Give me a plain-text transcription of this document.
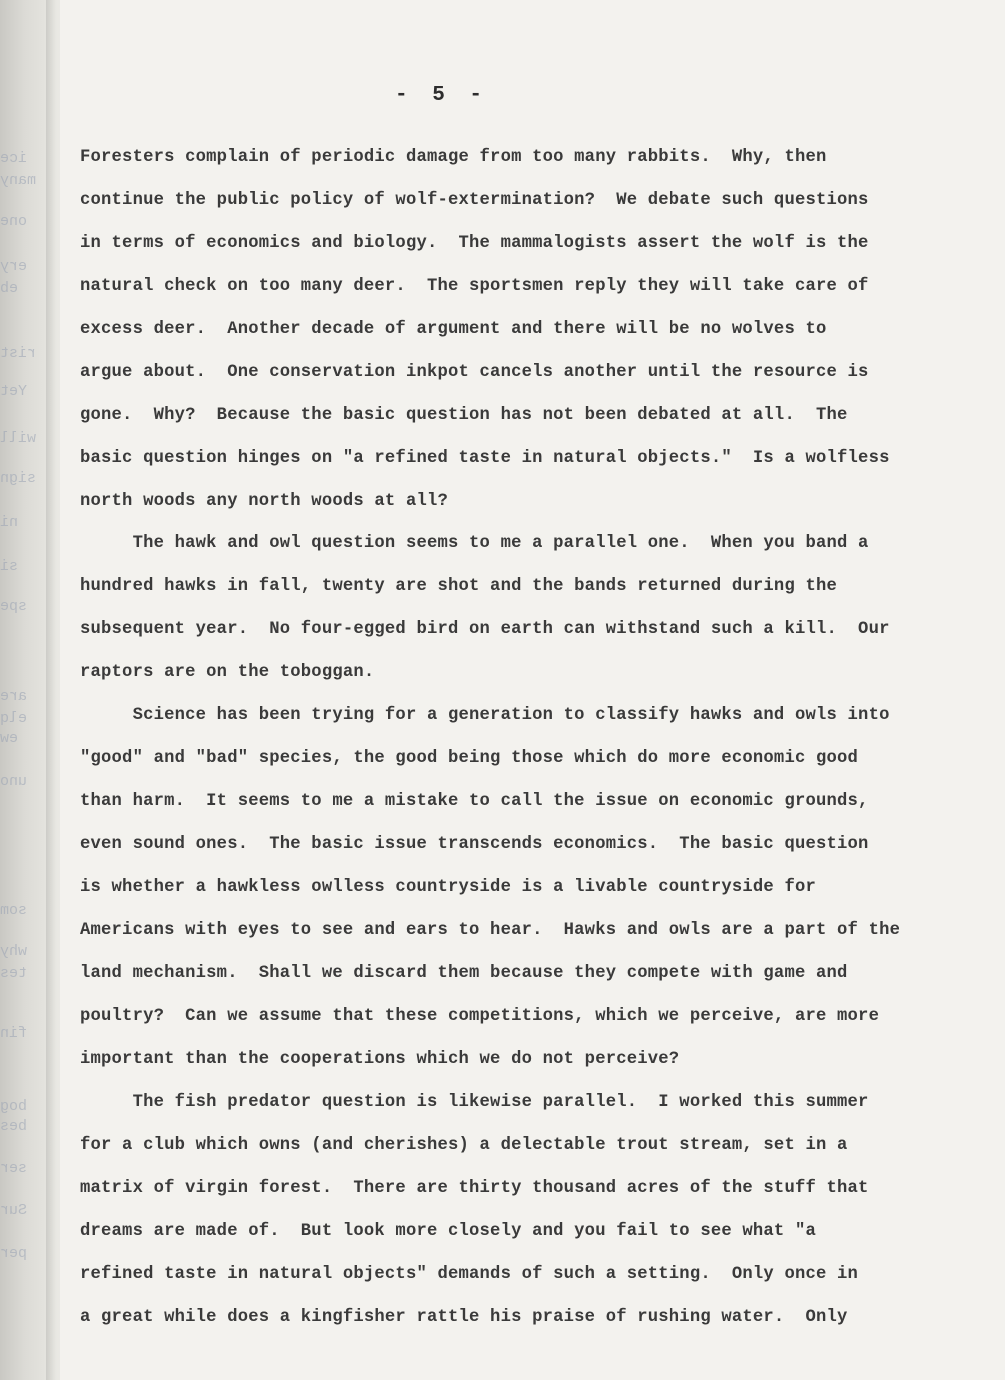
ice
many
one
ery
eb
rist
Yet
will
sign
ni
si
spe
are
elq
ew
uno
som
why
tes
fin
bog
bes
ser
Sur
per
- 5 -
Foresters complain of periodic damage from too many rabbits.  Why, then
continue the public policy of wolf-extermination?  We debate such questions
in terms of economics and biology.  The mammalogists assert the wolf is the
natural check on too many deer.  The sportsmen reply they will take care of
excess deer.  Another decade of argument and there will be no wolves to
argue about.  One conservation inkpot cancels another until the resource is
gone.  Why?  Because the basic question has not been debated at all.  The
basic question hinges on "a refined taste in natural objects."  Is a wolfless
north woods any north woods at all?
The hawk and owl question seems to me a parallel one.  When you band a
hundred hawks in fall, twenty are shot and the bands returned during the
subsequent year.  No four-egged bird on earth can withstand such a kill.  Our
raptors are on the toboggan.
Science has been trying for a generation to classify hawks and owls into
"good" and "bad" species, the good being those which do more economic good
than harm.  It seems to me a mistake to call the issue on economic grounds,
even sound ones.  The basic issue transcends economics.  The basic question
is whether a hawkless owlless countryside is a livable countryside for
Americans with eyes to see and ears to hear.  Hawks and owls are a part of the
land mechanism.  Shall we discard them because they compete with game and
poultry?  Can we assume that these competitions, which we perceive, are more
important than the cooperations which we do not perceive?
The fish predator question is likewise parallel.  I worked this summer
for a club which owns (and cherishes) a delectable trout stream, set in a
matrix of virgin forest.  There are thirty thousand acres of the stuff that
dreams are made of.  But look more closely and you fail to see what "a
refined taste in natural objects" demands of such a setting.  Only once in
a great while does a kingfisher rattle his praise of rushing water.  Only
